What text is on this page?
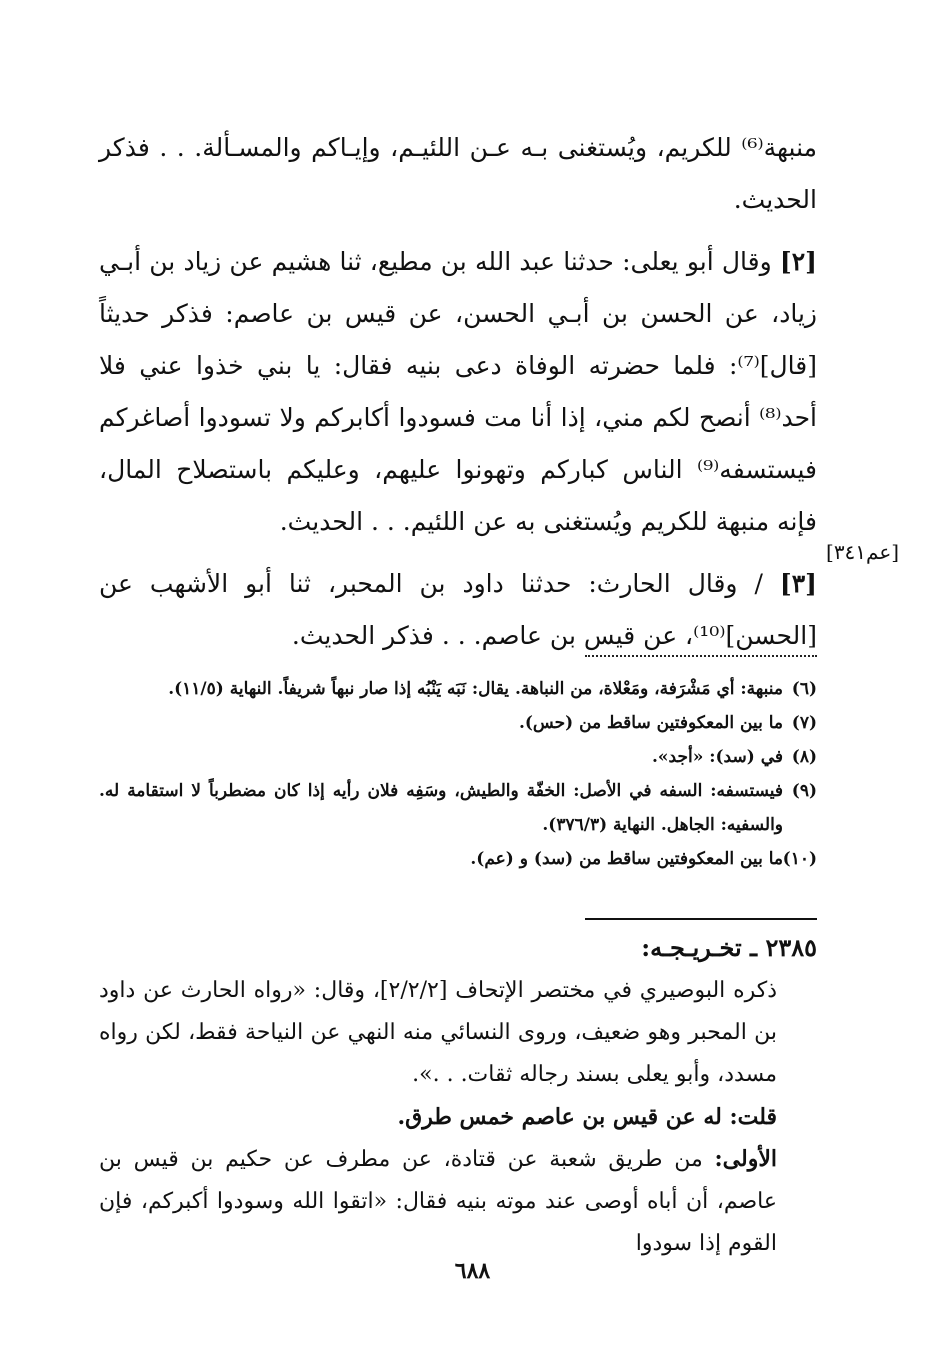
منبهة⁽⁶⁾ للكريم، ويُستغنى بـه عـن اللئيـم، وإيـاكم والمسـألة. . . فذكر الحديث.

[٢] وقال أبو يعلى: حدثنا عبد الله بن مطيع، ثنا هشيم عن زياد بن أبـي زياد، عن الحسن بن أبـي الحسن، عن قيس بن عاصم: فذكر حديثاً [قال]⁽⁷⁾: فلما حضرته الوفاة دعى بنيه فقال: يا بني خذوا عني فلا أحد⁽⁸⁾ أنصح لكم مني، إذا أنا مت فسودوا أكابركم ولا تسودوا أصاغركم فيستسفه⁽⁹⁾ الناس كباركم وتهونوا عليهم، وعليكم باستصلاح المال، فإنه منبهة للكريم ويُستغنى به عن اللئيم. . . الحديث.

[٣] / وقال الحارث: حدثنا داود بن المحبر، ثنا أبو الأشهب عن [الحسن]⁽¹⁰⁾، عن قيس بن عاصم. . . فذكر الحديث.

[عم٣٤١]

(٦)منبهة: أي مَشْرَفة، ومَعْلاة، من النباهة. يقال: نَبَه يَنْبُه إذا صار نبهاً شريفاً. النهاية (١١/٥).

(٧)ما بين المعكوفتين ساقط من (حس).

(٨)في (سد): «أجد».

(٩)فيستسفه: السفه في الأصل: الخفّة والطيش، وسَفِه فلان رأيه إذا كان مضطرباً لا استقامة له. والسفيه: الجاهل. النهاية (٣٧٦/٣).

(١٠)ما بين المعكوفتين ساقط من (سد) و (عم).

٢٣٨٥ ـ تخـريـجـه:

ذكره البوصيري في مختصر الإتحاف [٢/٢/٢]، وقال: «رواه الحارث عن داود بن المحبر وهو ضعيف، وروى النسائي منه النهي عن النياحة فقط، لكن رواه مسدد، وأبو يعلى بسند رجاله ثقات. . .».

قلت: له عن قيس بن عاصم خمس طرق.

الأولى: من طريق شعبة عن قتادة، عن مطرف عن حكيم بن قيس بن عاصم، أن أباه أوصى عند موته بنيه فقال: «اتقوا الله وسودوا أكبركم، فإن القوم إذا سودوا

٦٨٨
